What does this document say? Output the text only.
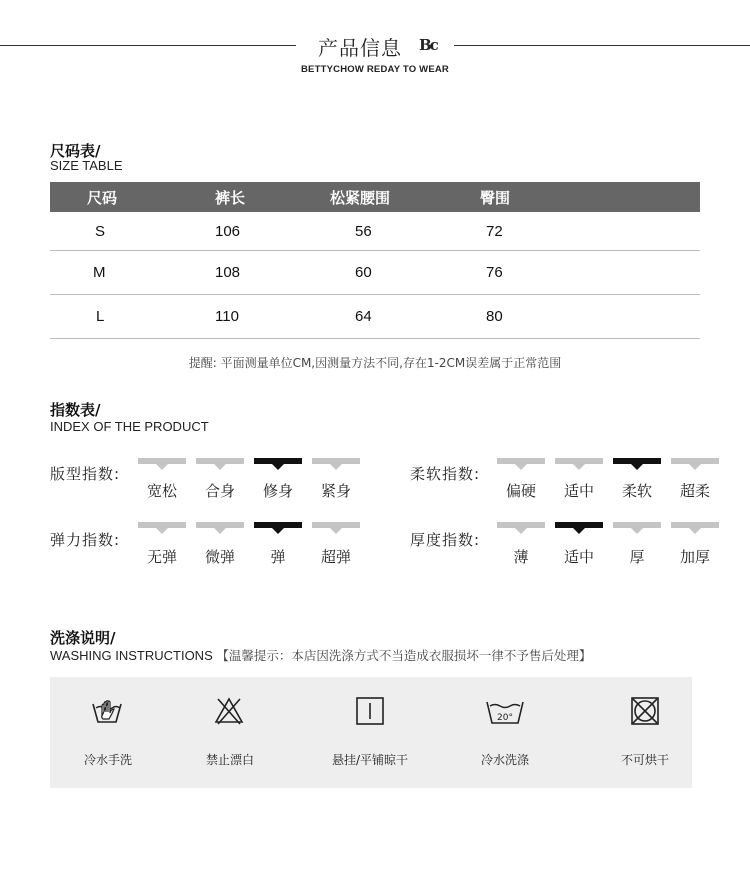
产品信息 Bc
BETTYCHOW REDAY TO WEAR
尺码表/
SIZE TABLE
尺码	裤长	松紧腰围	臀围
S	106	56	72
M	108	60	76
L	110	64	80
提醒: 平面测量单位CM,因测量方法不同,存在1-2CM误差属于正常范围
指数表/
INDEX OF THE PRODUCT
版型指数:
宽松	合身	修身	紧身
柔软指数:
偏硬	适中	柔软	超柔
弹力指数:
无弹	微弹	弹	超弹
厚度指数:
薄	适中	厚	加厚
洗涤说明/
WASHING INSTRUCTIONS 【温馨提示：本店因洗涤方式不当造成衣服损坏一律不予售后处理】
20°
冷水手洗	禁止漂白	悬挂/平铺晾干	冷水洗涤	不可烘干
